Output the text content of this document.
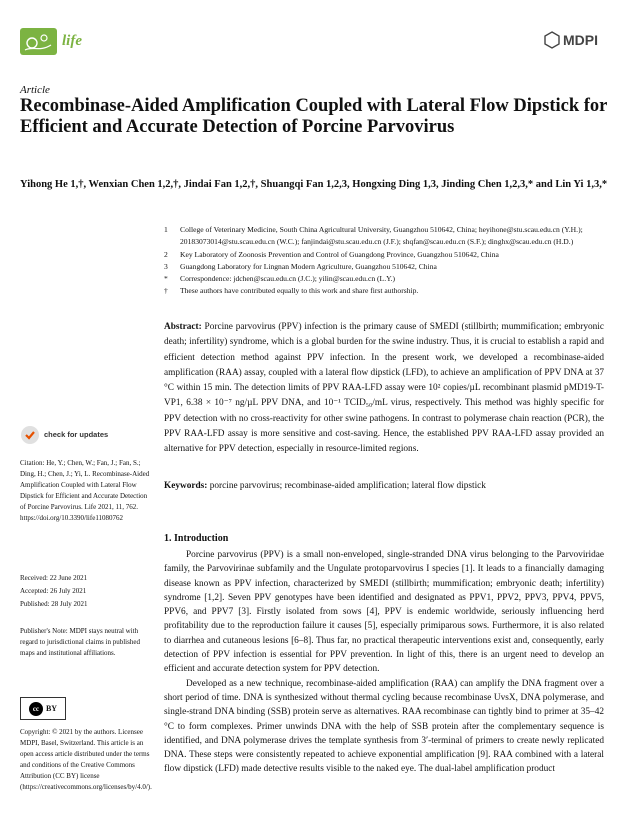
life	MDPI
Article
Recombinase-Aided Amplification Coupled with Lateral Flow Dipstick for Efficient and Accurate Detection of Porcine Parvovirus
Yihong He 1,†, Wenxian Chen 1,2,†, Jindai Fan 1,2,†, Shuangqi Fan 1,2,3, Hongxing Ding 1,3, Jinding Chen 1,2,3,* and Lin Yi 1,3,*
1	College of Veterinary Medicine, South China Agricultural University, Guangzhou 510642, China; heyihone@stu.scau.edu.cn (Y.H.); 20183073014@stu.scau.edu.cn (W.C.); fanjindai@stu.scau.edu.cn (J.F.); shqfan@scau.edu.cn (S.F.); dinghx@scau.edu.cn (H.D.)
2	Key Laboratory of Zoonosis Prevention and Control of Guangdong Province, Guangzhou 510642, China
3	Guangdong Laboratory for Lingnan Modern Agriculture, Guangzhou 510642, China
*	Correspondence: jdchen@scau.edu.cn (J.C.); yilin@scau.edu.cn (L.Y.)
†	These authors have contributed equally to this work and share first authorship.
Abstract: Porcine parvovirus (PPV) infection is the primary cause of SMEDI (stillbirth; mummification; embryonic death; infertility) syndrome, which is a global burden for the swine industry. Thus, it is crucial to establish a rapid and efficient detection method against PPV infection. In the present work, we developed a recombinase-aided amplification (RAA) assay, coupled with a lateral flow dipstick (LFD), to achieve an amplification of PPV DNA at 37 °C within 15 min. The detection limits of PPV RAA-LFD assay were 10² copies/µL recombinant plasmid pMD19-T-VP1, 6.38 × 10⁻⁷ ng/µL PPV DNA, and 10⁻¹ TCID₅₀/mL virus, respectively. This method was highly specific for PPV detection with no cross-reactivity for other swine pathogens. In contrast to polymerase chain reaction (PCR), the PPV RAA-LFD assay is more sensitive and cost-saving. Hence, the established PPV RAA-LFD assay provided an alternative for PPV detection, especially in resource-limited regions.
Keywords: porcine parvovirus; recombinase-aided amplification; lateral flow dipstick
1. Introduction

Porcine parvovirus (PPV) is a small non-enveloped, single-stranded DNA virus belonging to the Parvoviridae family, the Parvovirinae subfamily and the Ungulate protoparvovirus I species [1]. It leads to a financially damaging disease known as PPV infection, characterized by SMEDI (stillbirth; mummification; embryonic death; infertility) syndrome [1,2]. Seven PPV genotypes have been identified and designated as PPV1, PPV2, PPV3, PPV4, PPV5, PPV6, and PPV7 [3]. Firstly isolated from sows [4], PPV is endemic worldwide, seriously influencing herd profitability due to the reproduction failure it causes [5], especially primiparous sows. Furthermore, it is also related to diarrhea and cutaneous lesions [6–8]. Thus far, no practical therapeutic interventions exist and, consequently, early detection of PPV infection is essential for PPV prevention. In light of this, there is an urgent need to develop an efficient and accurate detection system for PPV detection.

Developed as a new technique, recombinase-aided amplification (RAA) can amplify the DNA fragment over a short period of time. DNA is synthesized without thermal cycling because recombinase UvsX, DNA polymerase, and single-strand DNA binding (SSB) protein serve as alternatives. RAA recombinase can tightly bind to primer at 35–42 °C to form complexes. Primer unwinds DNA with the help of SSB protein after the complementary sequence is identified, and DNA polymerase drives the template synthesis from 3′-terminal of primers to create newly replicated DNA. These steps were consistently repeated to achieve exponential amplification [9]. RAA combined with a lateral flow dipstick (LFD) made detective results visible to the naked eye. The dual-label amplification product

check for updates
Citation: He, Y.; Chen, W.; Fan, J.; Fan, S.; Ding, H.; Chen, J.; Yi, L. Recombinase-Aided Amplification Coupled with Lateral Flow Dipstick for Efficient and Accurate Detection of Porcine Parvovirus. Life 2021, 11, 762. https://doi.org/10.3390/life11080762
Received: 22 June 2021
Accepted: 26 July 2021
Published: 28 July 2021
Publisher's Note: MDPI stays neutral with regard to jurisdictional claims in published maps and institutional affiliations.
cc BY
Copyright: © 2021 by the authors. Licensee MDPI, Basel, Switzerland. This article is an open access article distributed under the terms and conditions of the Creative Commons Attribution (CC BY) license (https://creativecommons.org/licenses/by/4.0/).
